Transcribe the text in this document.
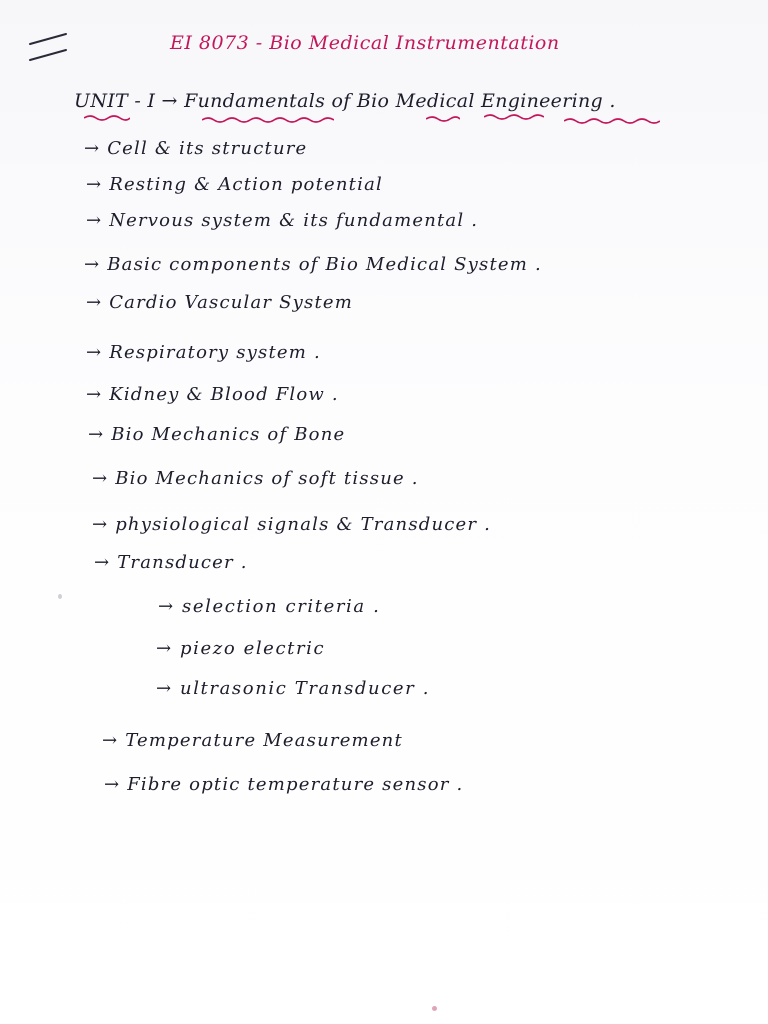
EI 8073 - Bio Medical Instrumentation
UNIT - I → Fundamentals of Bio Medical Engineering .
→ Cell & its structure
→ Resting & Action potential
→ Nervous system & its fundamental .
→ Basic components of Bio Medical System .
→ Cardio Vascular System
→ Respiratory system .
→ Kidney & Blood Flow .
→ Bio Mechanics of Bone
→ Bio Mechanics of soft tissue .
→ physiological signals & Transducer .
→ Transducer .
→ selection criteria .
→ piezo electric
→ ultrasonic Transducer .
→ Temperature Measurement
→ Fibre optic temperature sensor .
